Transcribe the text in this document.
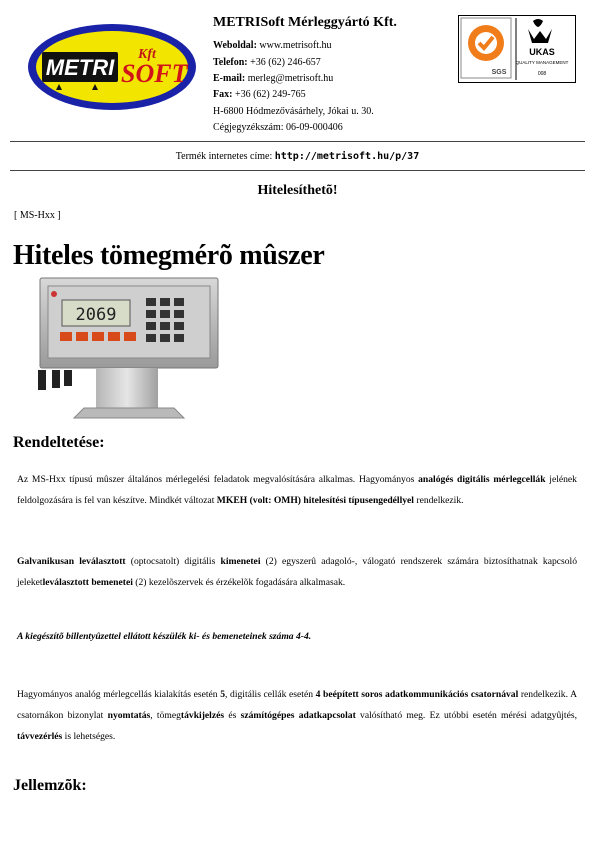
METRI
Kft
SOFT
METRISoft Mérleggyártó Kft.
Weboldal: www.metrisoft.hu
Telefon: +36 (62) 246-657
E-mail: merleg@metrisoft.hu
Fax: +36 (62) 249-765
H-6800 Hódmezővásárhely, Jókai u. 30.
Cégjegyzékszám: 06-09-000406
SGS
UKAS
QUALITY MANAGEMENT
008
Termék internetes címe: http://metrisoft.hu/p/37
Hitelesíthetõ!
[ MS-Hxx ]
Hiteles tömegmérõ mûszer
2069
Rendeltetése:
Az MS-Hxx típusú mûszer általános mérlegelési feladatok megvalósítására alkalmas. Hagyományos analógés digitális mérlegcellák jelének feldolgozására is fel van készítve. Mindkét változat MKEH (volt: OMH) hitelesítési típusengedéllyel rendelkezik.
Galvanikusan leválasztott (optocsatolt) digitális kimenetei (2) egyszerû adagoló-, válogató rendszerek számára biztosíthatnak kapcsoló jeleketleválasztott bemenetei (2) kezelõszervek és érzékelõk fogadására alkalmasak.
A kiegészítõ billentyûzettel ellátott készülék ki- és bemeneteinek száma 4-4.
Hagyományos analóg mérlegcellás kialakítás esetén 5, digitális cellák esetén 4 beépített soros adatkommunikációs csatornával rendelkezik. A csatornákon bizonylat nyomtatás, tömegtávkijelzés és számítógépes adatkapcsolat valósítható meg. Ez utóbbi esetén mérési adatgyûjtés, távvezérlés is lehetséges.
Jellemzõk:
